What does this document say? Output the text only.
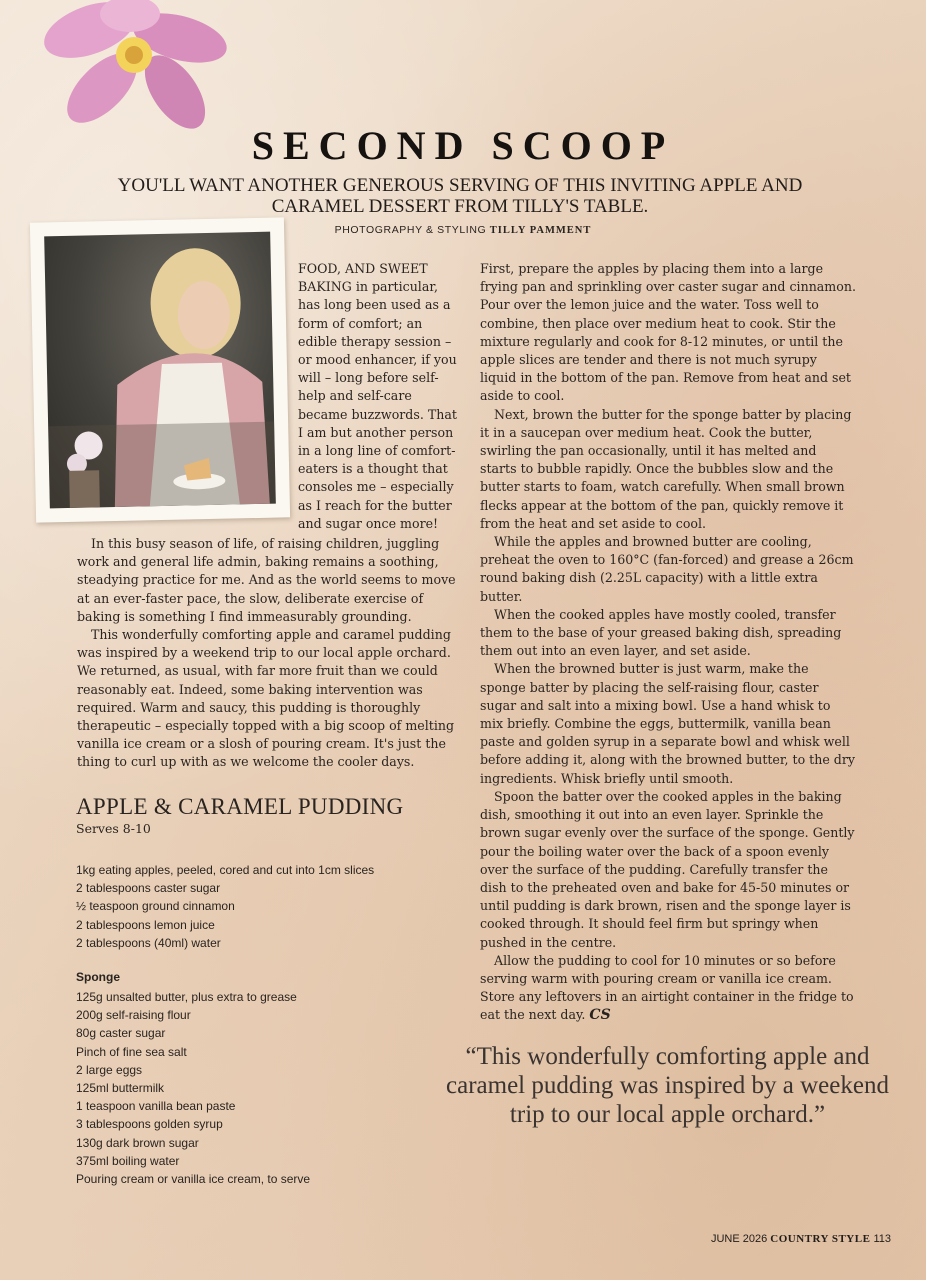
SECOND SCOOP
YOU'LL WANT ANOTHER GENEROUS SERVING OF THIS INVITING APPLE AND CARAMEL DESSERT FROM TILLY'S TABLE.
PHOTOGRAPHY & STYLING TILLY PAMMENT

FOOD, AND SWEET BAKING in particular, has long been used as a form of comfort; an edible therapy session – or mood enhancer, if you will – long before self-help and self-care became buzzwords. That I am but another person in a long line of comfort-eaters is a thought that consoles me – especially as I reach for the butter and sugar once more!

In this busy season of life, of raising children, juggling work and general life admin, baking remains a soothing, steadying practice for me. And as the world seems to move at an ever-faster pace, the slow, deliberate exercise of baking is something I find immeasurably grounding.

This wonderfully comforting apple and caramel pudding was inspired by a weekend trip to our local apple orchard. We returned, as usual, with far more fruit than we could reasonably eat. Indeed, some baking intervention was required. Warm and saucy, this pudding is thoroughly therapeutic – especially topped with a big scoop of melting vanilla ice cream or a slosh of pouring cream. It's just the thing to curl up with as we welcome the cooler days.

APPLE & CARAMEL PUDDING
Serves 8-10
1kg eating apples, peeled, cored and cut into 1cm slices
2 tablespoons caster sugar
½ teaspoon ground cinnamon
2 tablespoons lemon juice
2 tablespoons (40ml) water
Sponge
125g unsalted butter, plus extra to grease
200g self-raising flour
80g caster sugar
Pinch of fine sea salt
2 large eggs
125ml buttermilk
1 teaspoon vanilla bean paste
3 tablespoons golden syrup
130g dark brown sugar
375ml boiling water
Pouring cream or vanilla ice cream, to serve

First, prepare the apples by placing them into a large frying pan and sprinkling over caster sugar and cinnamon. Pour over the lemon juice and the water. Toss well to combine, then place over medium heat to cook. Stir the mixture regularly and cook for 8-12 minutes, or until the apple slices are tender and there is not much syrupy liquid in the bottom of the pan. Remove from heat and set aside to cool.

Next, brown the butter for the sponge batter by placing it in a saucepan over medium heat. Cook the butter, swirling the pan occasionally, until it has melted and starts to bubble rapidly. Once the bubbles slow and the butter starts to foam, watch carefully. When small brown flecks appear at the bottom of the pan, quickly remove it from the heat and set aside to cool.

While the apples and browned butter are cooling, preheat the oven to 160°C (fan-forced) and grease a 26cm round baking dish (2.25L capacity) with a little extra butter.

When the cooked apples have mostly cooled, transfer them to the base of your greased baking dish, spreading them out into an even layer, and set aside.

When the browned butter is just warm, make the sponge batter by placing the self-raising flour, caster sugar and salt into a mixing bowl. Use a hand whisk to mix briefly. Combine the eggs, buttermilk, vanilla bean paste and golden syrup in a separate bowl and whisk well before adding it, along with the browned butter, to the dry ingredients. Whisk briefly until smooth.

Spoon the batter over the cooked apples in the baking dish, smoothing it out into an even layer. Sprinkle the brown sugar evenly over the surface of the sponge. Gently pour the boiling water over the back of a spoon evenly over the surface of the pudding. Carefully transfer the dish to the preheated oven and bake for 45-50 minutes or until pudding is dark brown, risen and the sponge layer is cooked through. It should feel firm but springy when pushed in the centre.

Allow the pudding to cool for 10 minutes or so before serving warm with pouring cream or vanilla ice cream. Store any leftovers in an airtight container in the fridge to eat the next day. CS

“This wonderfully comforting apple and caramel pudding was inspired by a weekend trip to our local apple orchard.”
JUNE 2026 COUNTRY STYLE 113
